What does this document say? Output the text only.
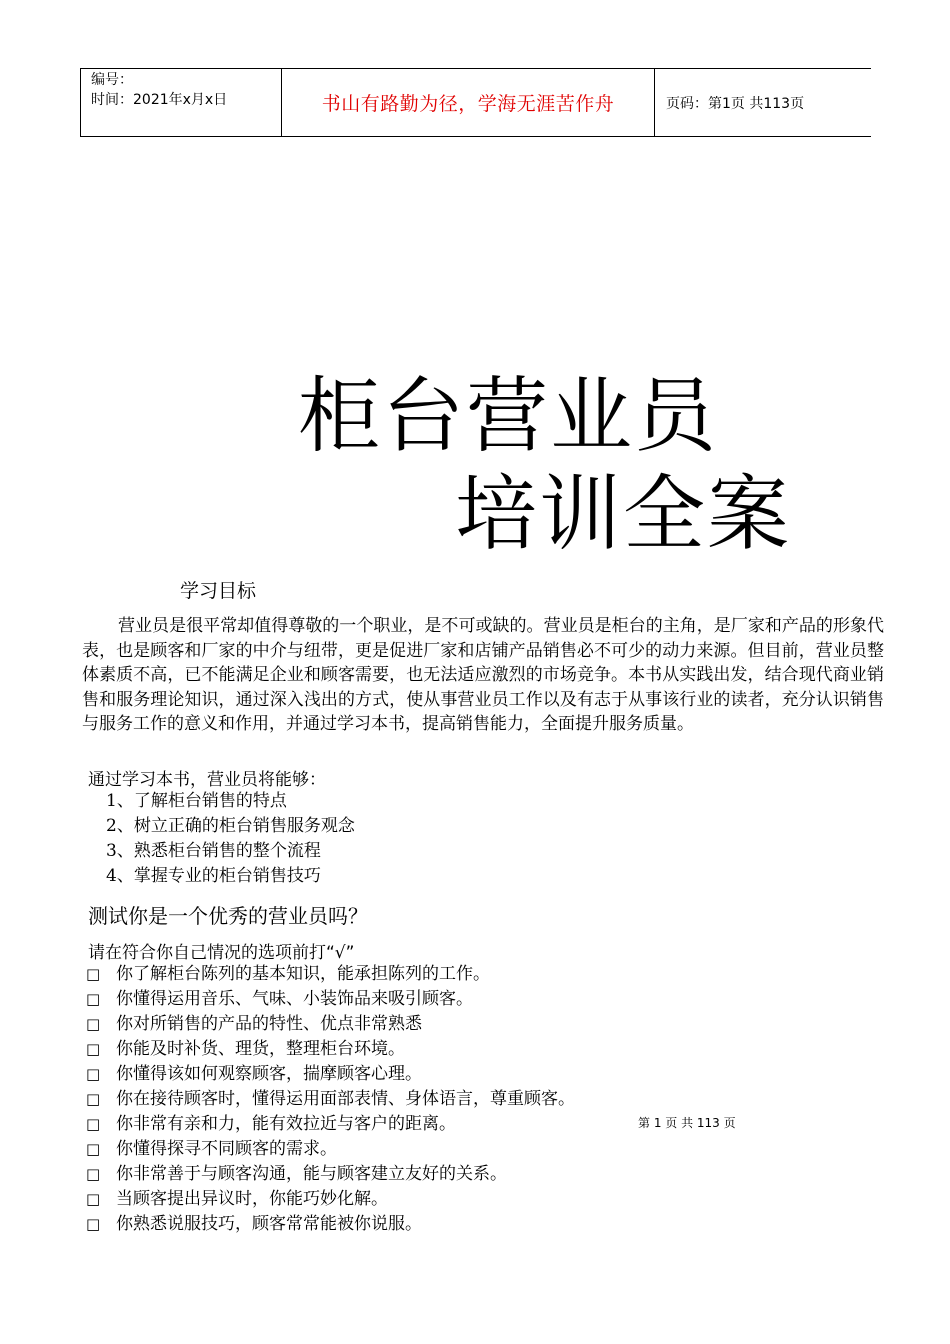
编号：
时间：2021年x月x日	书山有路勤为径，学海无涯苦作舟	页码：第1页 共113页
柜台营业员
培训全案
学习目标
营业员是很平常却值得尊敬的一个职业，是不可或缺的。营业员是柜台的主角，是厂家和产品的形象代表，也是顾客和厂家的中介与纽带，更是促进厂家和店铺产品销售必不可少的动力来源。但目前，营业员整体素质不高，已不能满足企业和顾客需要，也无法适应激烈的市场竞争。本书从实践出发，结合现代商业销售和服务理论知识，通过深入浅出的方式，使从事营业员工作以及有志于从事该行业的读者，充分认识销售与服务工作的意义和作用，并通过学习本书，提高销售能力，全面提升服务质量。
通过学习本书，营业员将能够：
1、了解柜台销售的特点
2、树立正确的柜台销售服务观念
3、熟悉柜台销售的整个流程
4、掌握专业的柜台销售技巧
测试你是一个优秀的营业员吗？
请在符合你自己情况的选项前打“√”
□ 你了解柜台陈列的基本知识，能承担陈列的工作。
□ 你懂得运用音乐、气味、小装饰品来吸引顾客。
□ 你对所销售的产品的特性、优点非常熟悉
□ 你能及时补货、理货，整理柜台环境。
□ 你懂得该如何观察顾客，揣摩顾客心理。
□ 你在接待顾客时，懂得运用面部表情、身体语言，尊重顾客。
□ 你非常有亲和力，能有效拉近与客户的距离。
□ 你懂得探寻不同顾客的需求。
□ 你非常善于与顾客沟通，能与顾客建立友好的关系。
□ 当顾客提出异议时，你能巧妙化解。
□ 你熟悉说服技巧，顾客常常能被你说服。
第 1 页 共 113 页
